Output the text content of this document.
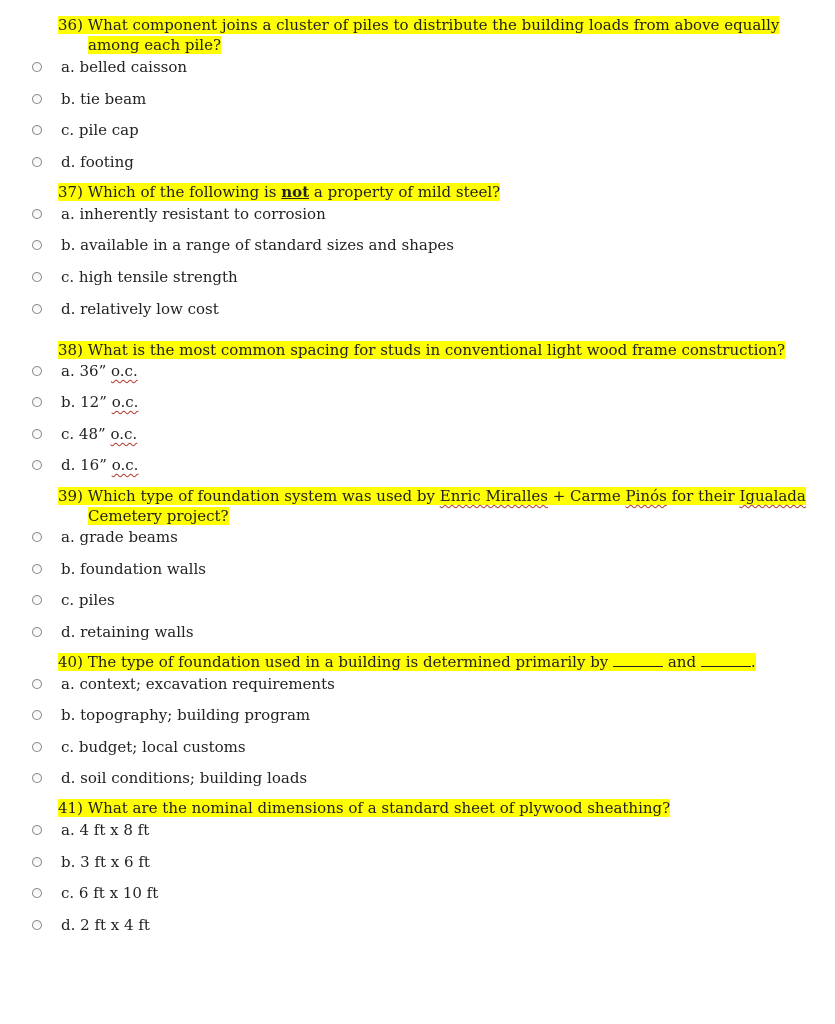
36) What component joins a cluster of piles to distribute the building loads from above equally among each pile?
a. belled caisson
b. tie beam
c. pile cap
d. footing
37) Which of the following is not a property of mild steel?
a. inherently resistant to corrosion
b. available in a range of standard sizes and shapes
c. high tensile strength
d. relatively low cost
38) What is the most common spacing for studs in conventional light wood frame construction?
a. 36” o.c.
b. 12” o.c.
c. 48” o.c.
d. 16” o.c.
39) Which type of foundation system was used by Enric Miralles + Carme Pinós for their Igualada
Cemetery project?
a. grade beams
b. foundation walls
c. piles
d. retaining walls
40) The type of foundation used in a building is determined primarily by	and	.
a. context; excavation requirements
b. topography; building program
c. budget; local customs
d. soil conditions; building loads
41) What are the nominal dimensions of a standard sheet of plywood sheathing?
a. 4 ft x 8 ft
b. 3 ft x 6 ft
c. 6 ft x 10 ft
d. 2 ft x 4 ft
